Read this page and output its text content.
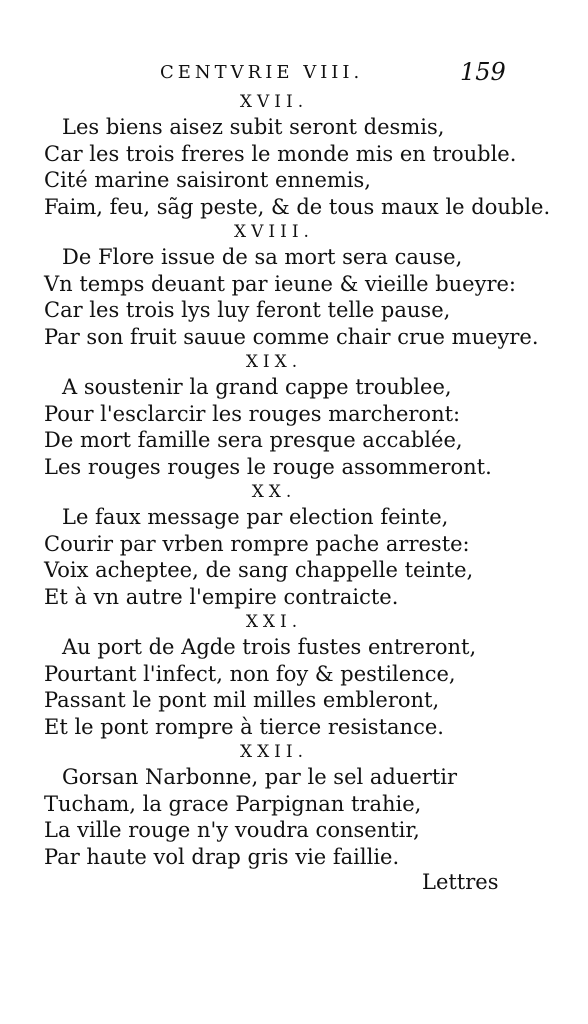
CENTVRIE VIII.	159
XVII.
Les biens aisez subit seront desmis,
Car les trois freres le monde mis en trouble.
Cité marine saisiront ennemis,
Faim, feu, sãg peste, & de tous maux le double.
XVIII.
De Flore issue de sa mort sera cause,
Vn temps deuant par ieune & vieille bueyre:
Car les trois lys luy feront telle pause,
Par son fruit sauue comme chair crue mueyre.
XIX.
A soustenir la grand cappe troublee,
Pour l'esclarcir les rouges marcheront:
De mort famille sera presque accablée,
Les rouges rouges le rouge assommeront.
XX.
Le faux message par election feinte,
Courir par vrben rompre pache arreste:
Voix acheptee, de sang chappelle teinte,
Et à vn autre l'empire contraicte.
XXI.
Au port de Agde trois fustes entreront,
Pourtant l'infect, non foy & pestilence,
Passant le pont mil milles embleront,
Et le pont rompre à tierce resistance.
XXII.
Gorsan Narbonne, par le sel aduertir
Tucham, la grace Parpignan trahie,
La ville rouge n'y voudra consentir,
Par haute vol drap gris vie faillie.
Lettres
